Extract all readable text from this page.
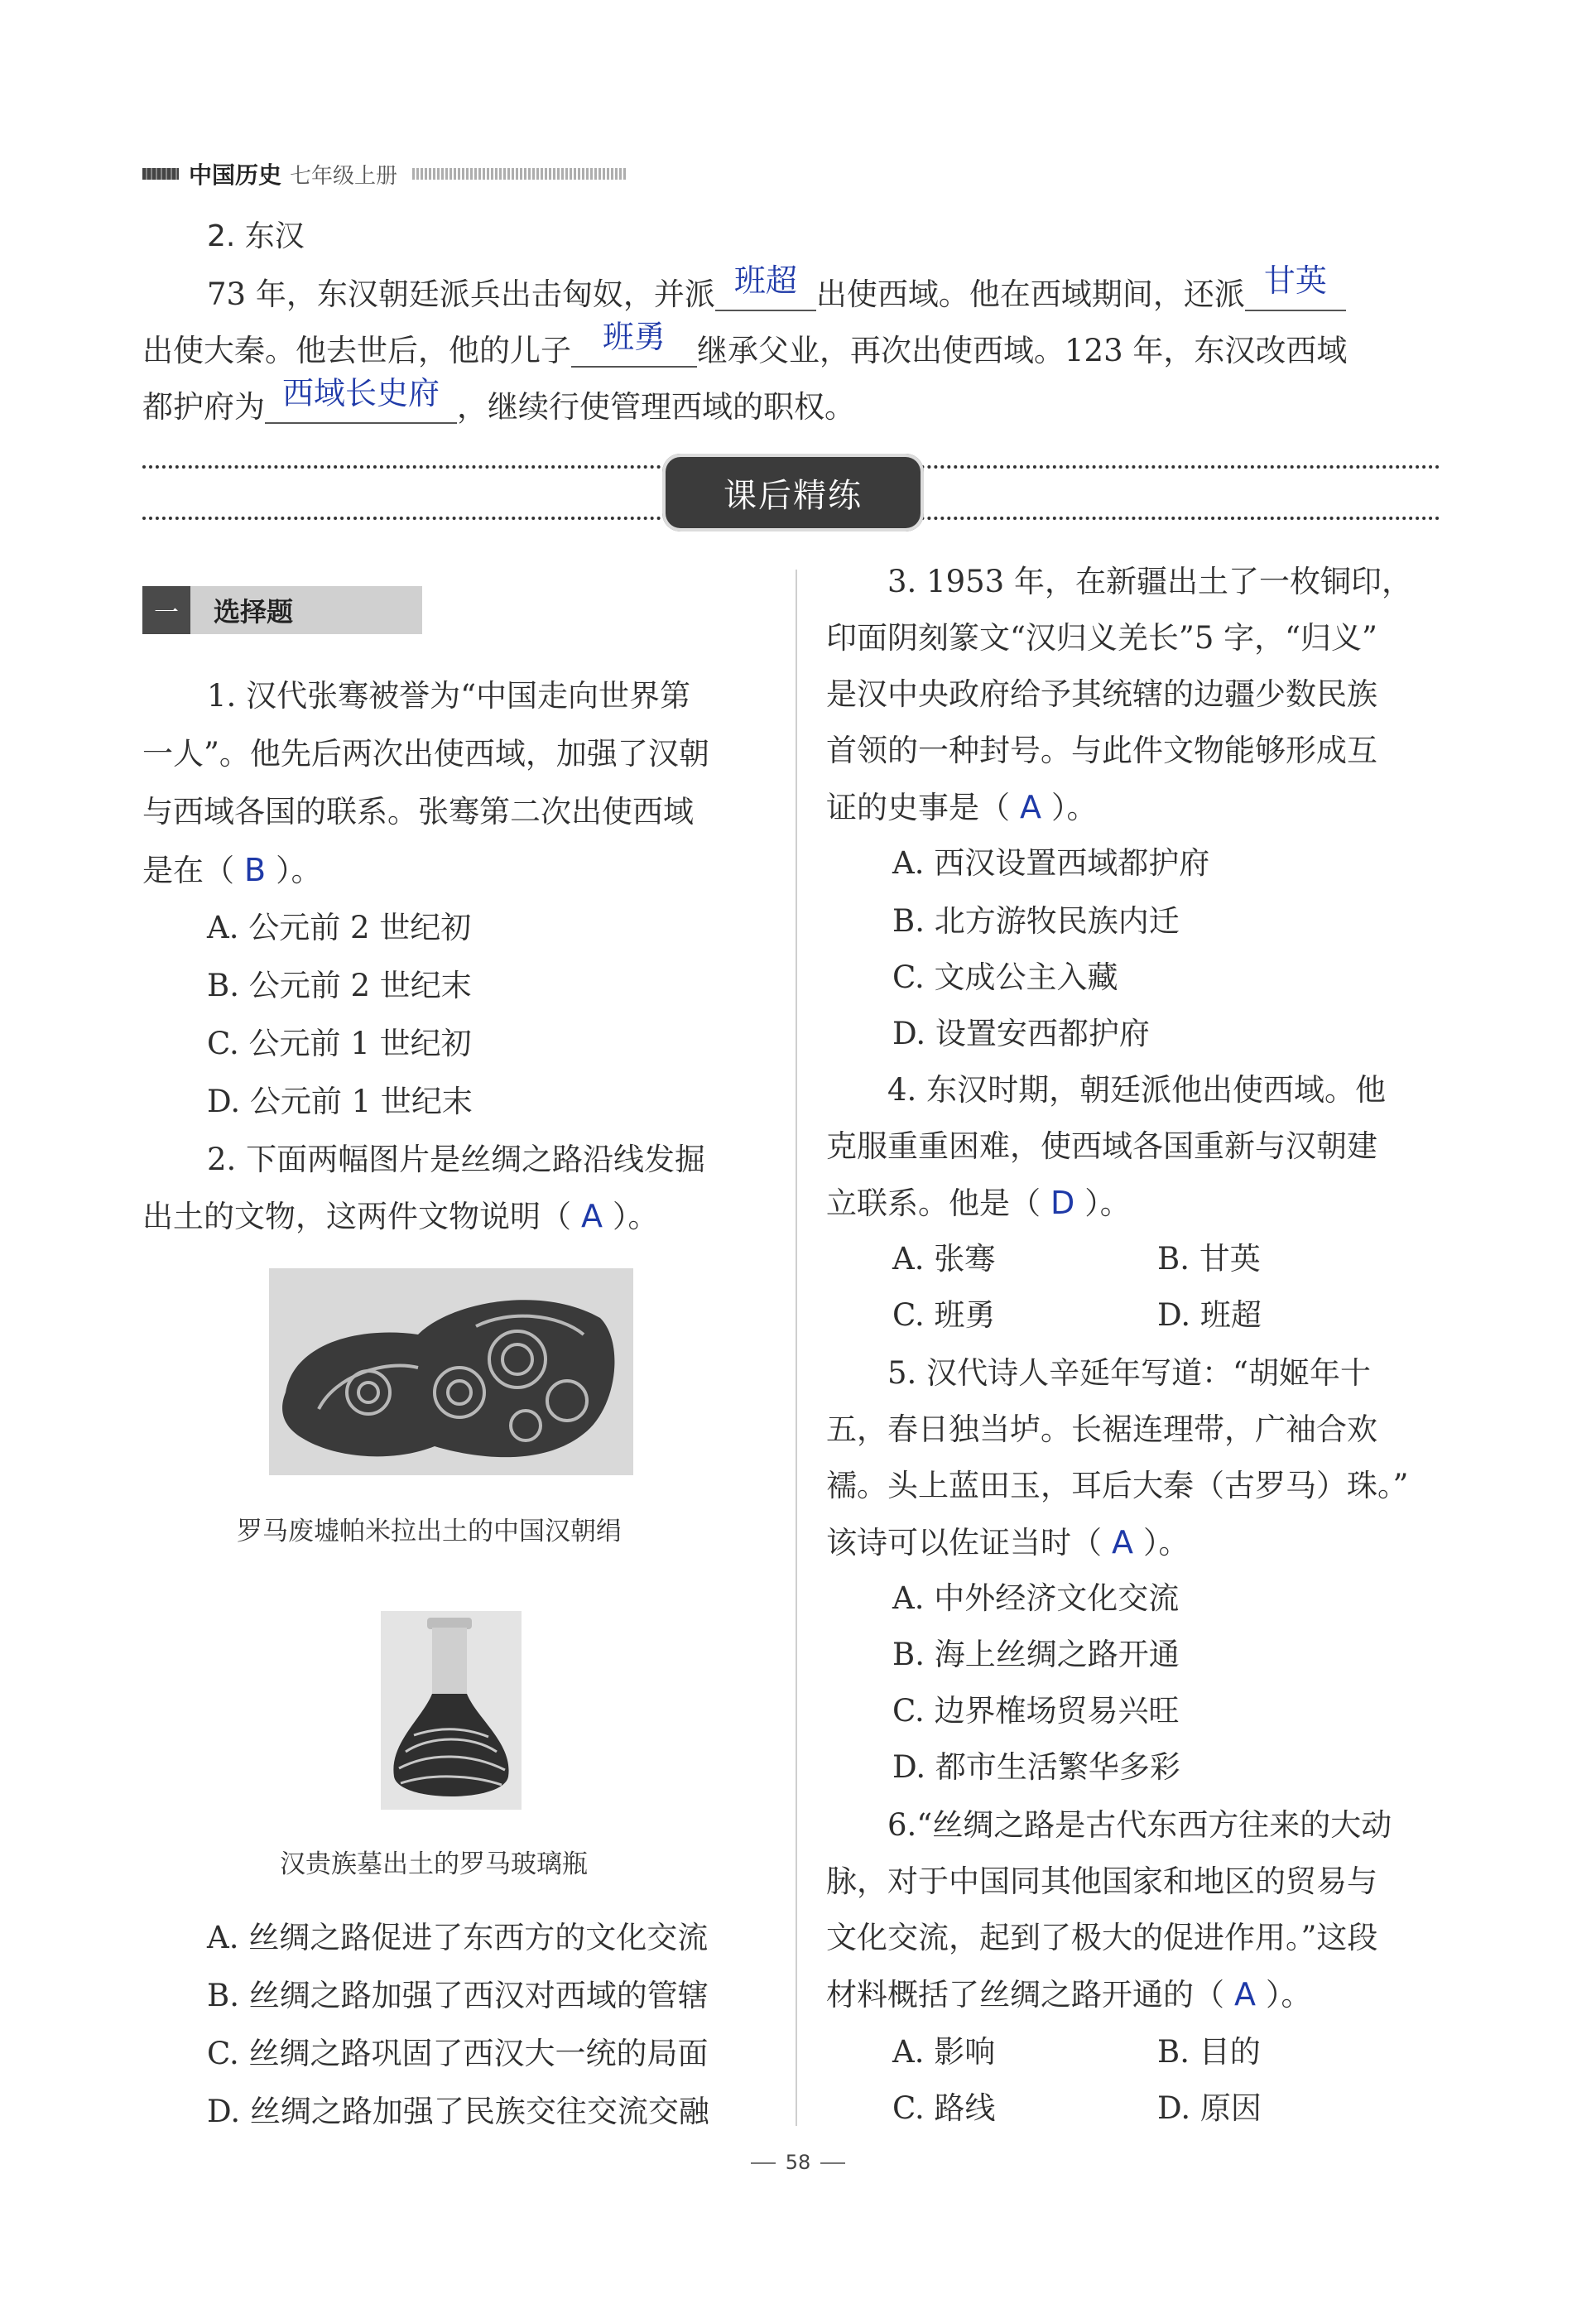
中国历史 七年级上册
2. 东汉
73 年，东汉朝廷派兵出击匈奴，并派 班超 出使西域。他在西域期间，还派 甘英
出使大秦。他去世后，他的儿子 班勇 继承父业，再次出使西域。123 年，东汉改西域
都护府为 西域长史府 ，继续行使管理西域的职权。
课后精练
一	选择题
1. 汉代张骞被誉为“中国走向世界第
一人”。他先后两次出使西域，加强了汉朝
与西域各国的联系。张骞第二次出使西域
是在（ B ）。
A. 公元前 2 世纪初
B. 公元前 2 世纪末
C. 公元前 1 世纪初
D. 公元前 1 世纪末
2. 下面两幅图片是丝绸之路沿线发掘
出土的文物，这两件文物说明（ A ）。
罗马废墟帕米拉出土的中国汉朝绢
汉贵族墓出土的罗马玻璃瓶
A. 丝绸之路促进了东西方的文化交流
B. 丝绸之路加强了西汉对西域的管辖
C. 丝绸之路巩固了西汉大一统的局面
D. 丝绸之路加强了民族交往交流交融
3. 1953 年，在新疆出土了一枚铜印，
印面阴刻篆文“汉归义羌长”5 字，“归义”
是汉中央政府给予其统辖的边疆少数民族
首领的一种封号。与此件文物能够形成互
证的史事是（ A ）。
A. 西汉设置西域都护府
B. 北方游牧民族内迁
C. 文成公主入藏
D. 设置安西都护府
4. 东汉时期，朝廷派他出使西域。他
克服重重困难，使西域各国重新与汉朝建
立联系。他是（ D ）。
A. 张骞	B. 甘英
C. 班勇	D. 班超
5. 汉代诗人辛延年写道：“胡姬年十
五，春日独当垆。长裾连理带，广袖合欢
襦。头上蓝田玉，耳后大秦（古罗马）珠。”
该诗可以佐证当时（ A ）。
A. 中外经济文化交流
B. 海上丝绸之路开通
C. 边界榷场贸易兴旺
D. 都市生活繁华多彩
6.“丝绸之路是古代东西方往来的大动
脉，对于中国同其他国家和地区的贸易与
文化交流，起到了极大的促进作用。”这段
材料概括了丝绸之路开通的（ A ）。
A. 影响	B. 目的
C. 路线	D. 原因
58
